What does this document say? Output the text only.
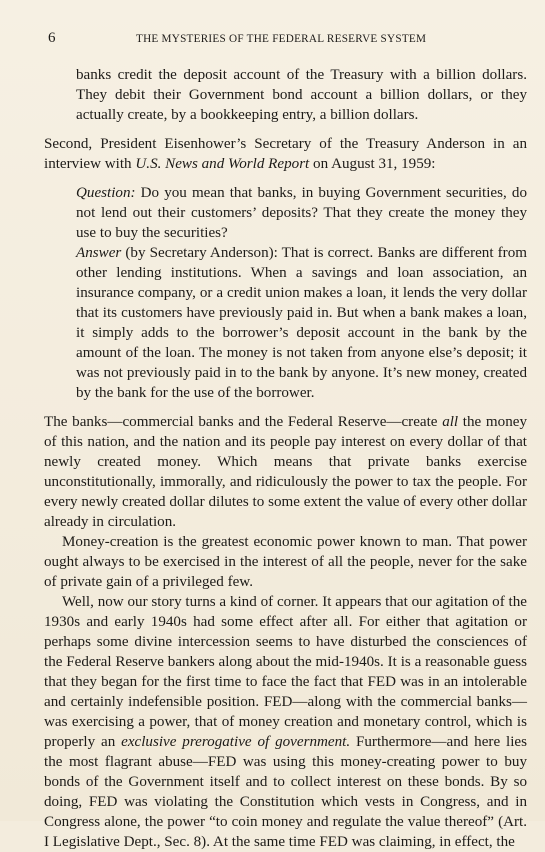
6	THE MYSTERIES OF THE FEDERAL RESERVE SYSTEM

banks credit the deposit account of the Treasury with a billion dollars. They debit their Government bond account a billion dollars, or they actually create, by a bookkeeping entry, a billion dollars.

Second, President Eisenhower’s Secretary of the Treasury Anderson in an interview with U.S. News and World Report on August 31, 1959:

Question: Do you mean that banks, in buying Government securities, do not lend out their customers’ deposits? That they create the money they use to buy the securities?

Answer (by Secretary Anderson): That is correct. Banks are different from other lending institutions. When a savings and loan association, an insurance company, or a credit union makes a loan, it lends the very dollar that its customers have previously paid in. But when a bank makes a loan, it simply adds to the borrower’s deposit account in the bank by the amount of the loan. The money is not taken from anyone else’s deposit; it was not previously paid in to the bank by anyone. It’s new money, created by the bank for the use of the borrower.

The banks—commercial banks and the Federal Reserve—create all the money of this nation, and the nation and its people pay interest on every dollar of that newly created money. Which means that private banks exercise unconstitutionally, immorally, and ridiculously the power to tax the people. For every newly created dollar dilutes to some extent the value of every other dollar already in circulation.

Money-creation is the greatest economic power known to man. That power ought always to be exercised in the interest of all the people, never for the sake of private gain of a privileged few.

Well, now our story turns a kind of corner. It appears that our agitation of the 1930s and early 1940s had some effect after all. For either that agitation or perhaps some divine intercession seems to have disturbed the consciences of the Federal Reserve bankers along about the mid-1940s. It is a reasonable guess that they began for the first time to face the fact that FED was in an intolerable and certainly indefensible position. FED—along with the commercial banks—was exercising a power, that of money creation and monetary control, which is properly an exclusive prerogative of government. Furthermore—and here lies the most flagrant abuse—FED was using this money-creating power to buy bonds of the Government itself and to collect interest on these bonds. By so doing, FED was violating the Constitution which vests in Congress, and in Congress alone, the power “to coin money and regulate the value thereof” (Art. I Legislative Dept., Sec. 8). At the same time FED was claiming, in effect, the
